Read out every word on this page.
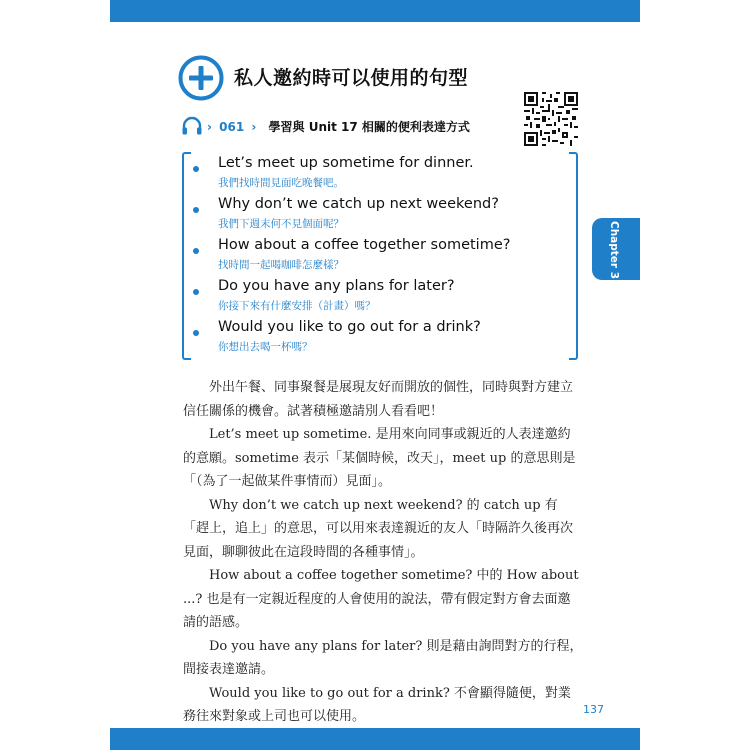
私人邀約時可以使用的句型
› 061 › 學習與 Unit 17 相關的便利表達方式
Let’s meet up sometime for dinner.
我們找時間見面吃晚餐吧。
Why don’t we catch up next weekend?
我們下週末何不見個面呢？
How about a coffee together sometime?
找時間一起喝咖啡怎麼樣？
Do you have any plans for later?
你接下來有什麼安排（計畫）嗎？
Would you like to go out for a drink?
你想出去喝一杯嗎？

外出午餐、同事聚餐是展現友好而開放的個性，同時與對方建立信任關係的機會。試著積極邀請別人看看吧！

Let’s meet up sometime. 是用來向同事或親近的人表達邀約的意願。sometime 表示「某個時候，改天」，meet up 的意思則是「（為了一起做某件事情而）見面」。

Why don’t we catch up next weekend? 的 catch up 有「趕上，追上」的意思，可以用來表達親近的友人「時隔許久後再次見面，聊聊彼此在這段時間的各種事情」。

How about a coffee together sometime? 中的 How about ...? 也是有一定親近程度的人會使用的說法，帶有假定對方會去面邀請的語感。

Do you have any plans for later? 則是藉由詢問對方的行程，間接表達邀請。

Would you like to go out for a drink? 不會顯得隨便，對業務往來對象或上司也可以使用。

Chapter 3
137
